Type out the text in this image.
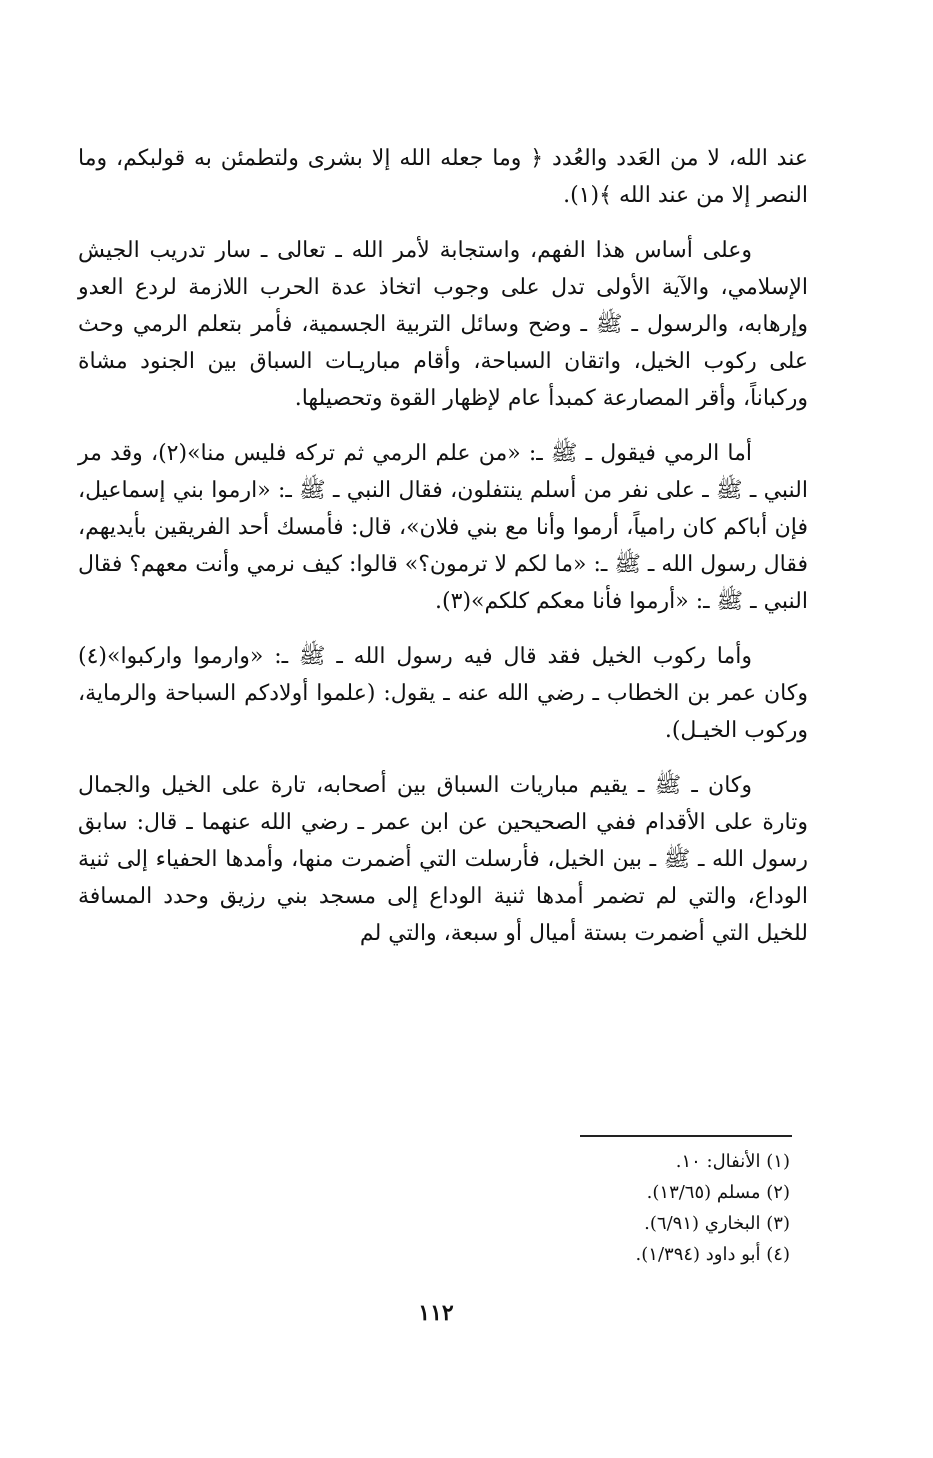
عند الله، لا من العَدد والعُدد ﴿ وما جعله الله إلا بشرى ولتطمئن به قولبكم، وما النصر إلا من عند الله ﴾(١).

وعلى أساس هذا الفهم، واستجابة لأمر الله ـ تعالى ـ سار تدريب الجيش الإسلامي، والآية الأولى تدل على وجوب اتخاذ عدة الحرب اللازمة لردع العدو وإرهابه، والرسول ـ ﷺ ـ وضح وسائل التربية الجسمية، فأمر بتعلم الرمي وحث على ركوب الخيل، واتقان السباحة، وأقام مباريـات السباق بين الجنود مشاة وركباناً، وأقر المصارعة كمبدأ عام لإظهار القوة وتحصيلها.

أما الرمي فيقول ـ ﷺ ـ: «من علم الرمي ثم تركه فليس منا»(٢)، وقد مر النبي ـ ﷺ ـ على نفر من أسلم ينتفلون، فقال النبي ـ ﷺ ـ: «ارموا بني إسماعيل، فإن أباكم كان رامياً، أرموا وأنا مع بني فلان»، قال: فأمسك أحد الفريقين بأيديهم، فقال رسول الله ـ ﷺ ـ: «ما لكم لا ترمون؟» قالوا: كيف نرمي وأنت معهم؟ فقال النبي ـ ﷺ ـ: «أرموا فأنا معكم كلكم»(٣).

وأما ركوب الخيل فقد قال فيه رسول الله ـ ﷺ ـ: «وارموا واركبوا»(٤) وكان عمر بن الخطاب ـ رضي الله عنه ـ يقول: (علموا أولادكم السباحة والرماية، وركوب الخيـل).

وكان ـ ﷺ ـ يقيم مباريات السباق بين أصحابه، تارة على الخيل والجمال وتارة على الأقدام ففي الصحيحين عن ابن عمر ـ رضي الله عنهما ـ قال: سابق رسول الله ـ ﷺ ـ بين الخيل، فأرسلت التي أضمرت منها، وأمدها الحفياء إلى ثنية الوداع، والتي لم تضمر أمدها ثنية الوداع إلى مسجد بني رزيق وحدد المسافة للخيل التي أضمرت بستة أميال أو سبعة، والتي لم

(١) الأنفال: ١٠.

(٢) مسلم (١٣/٦٥).

(٣) البخاري (٦/٩١).

(٤) أبو داود (١/٣٩٤).

١١٢
